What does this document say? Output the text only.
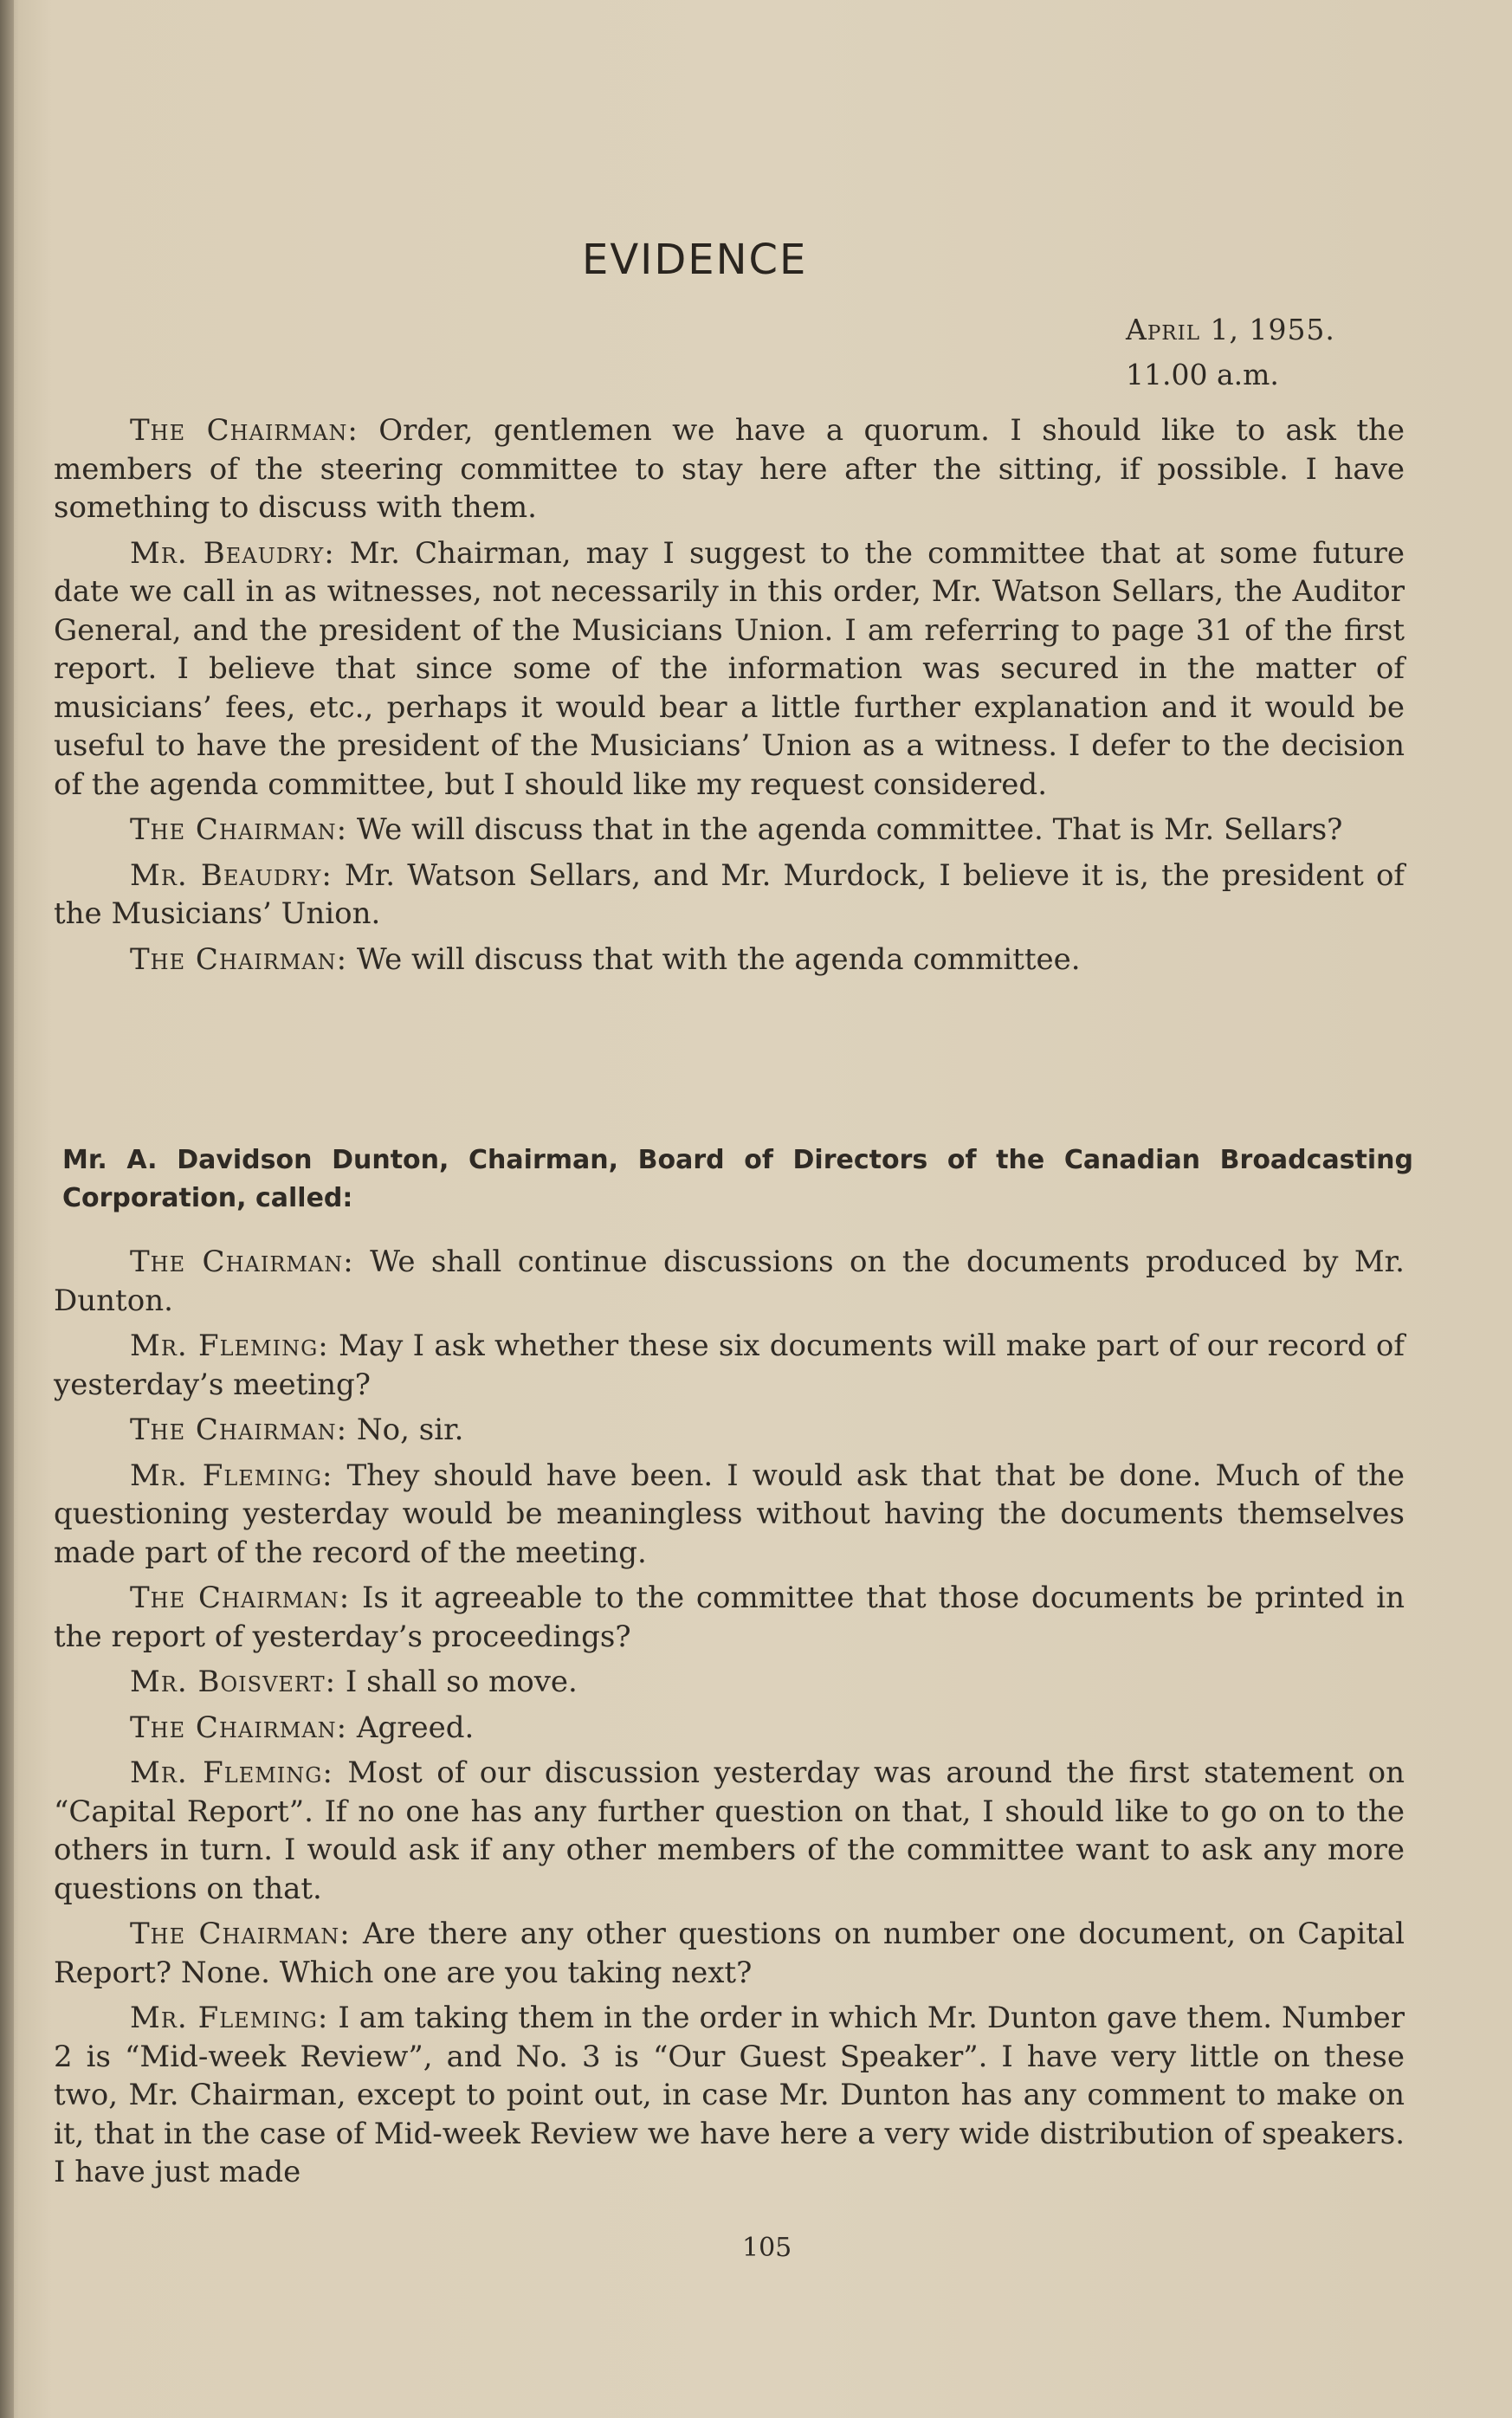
EVIDENCE
April 1, 1955.
11.00 a.m.

The Chairman: Order, gentlemen we have a quorum. I should like to ask the members of the steering committee to stay here after the sitting, if possible. I have something to discuss with them.

Mr. Beaudry: Mr. Chairman, may I suggest to the committee that at some future date we call in as witnesses, not necessarily in this order, Mr. Watson Sellars, the Auditor General, and the president of the Musicians Union. I am referring to page 31 of the first report. I believe that since some of the information was secured in the matter of musicians’ fees, etc., perhaps it would bear a little further explanation and it would be useful to have the president of the Musicians’ Union as a witness. I defer to the decision of the agenda committee, but I should like my request considered.

The Chairman: We will discuss that in the agenda committee. That is Mr. Sellars?

Mr. Beaudry: Mr. Watson Sellars, and Mr. Murdock, I believe it is, the president of the Musicians’ Union.

The Chairman: We will discuss that with the agenda committee.

Mr. A. Davidson Dunton, Chairman, Board of Directors of the Canadian Broadcasting Corporation, called:

The Chairman: We shall continue discussions on the documents produced by Mr. Dunton.

Mr. Fleming: May I ask whether these six documents will make part of our record of yesterday’s meeting?

The Chairman: No, sir.

Mr. Fleming: They should have been. I would ask that that be done. Much of the questioning yesterday would be meaningless without having the documents themselves made part of the record of the meeting.

The Chairman: Is it agreeable to the committee that those documents be printed in the report of yesterday’s proceedings?

Mr. Boisvert: I shall so move.

The Chairman: Agreed.

Mr. Fleming: Most of our discussion yesterday was around the first statement on “Capital Report”. If no one has any further question on that, I should like to go on to the others in turn. I would ask if any other members of the committee want to ask any more questions on that.

The Chairman: Are there any other questions on number one document, on Capital Report? None. Which one are you taking next?

Mr. Fleming: I am taking them in the order in which Mr. Dunton gave them. Number 2 is “Mid-week Review”, and No. 3 is “Our Guest Speaker”. I have very little on these two, Mr. Chairman, except to point out, in case Mr. Dunton has any comment to make on it, that in the case of Mid-week Review we have here a very wide distribution of speakers. I have just made

105
